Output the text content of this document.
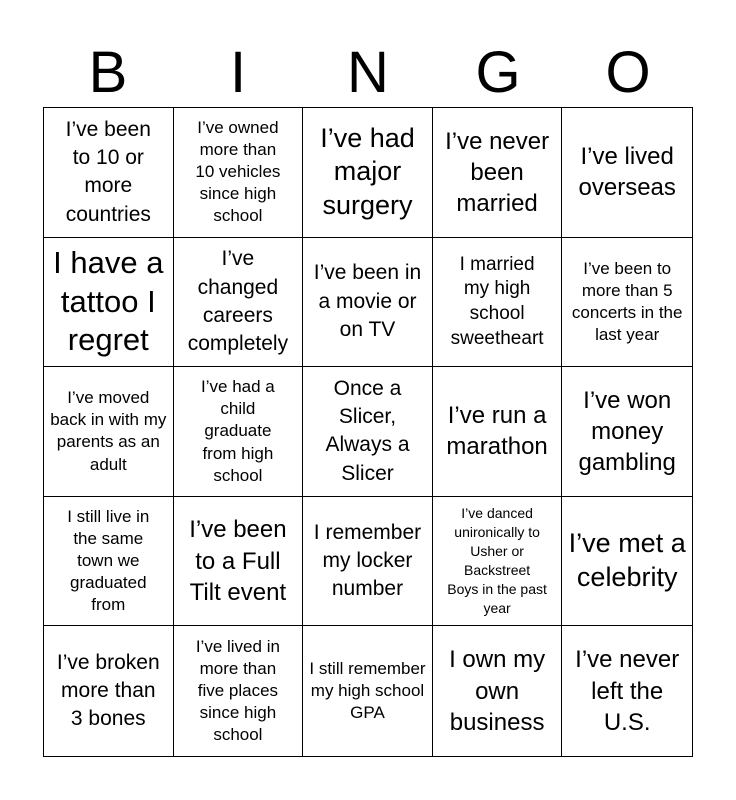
B	I	N	G	O
I’ve been to 10 or more countries
I’ve owned more than 10 vehicles since high school
I’ve had major surgery
I’ve never been married
I’ve lived overseas
I have a tattoo I regret
I’ve changed careers completely
I’ve been in a movie or on TV
I married my high school sweetheart
I’ve been to more than 5 concerts in the last year
I’ve moved back in with my parents as an adult
I’ve had a child graduate from high school
Once a Slicer, Always a Slicer
I’ve run a marathon
I’ve won money gambling
I still live in the same town we graduated from
I’ve been to a Full Tilt event
I remember my locker number
I’ve danced unironically to Usher or Backstreet Boys in the past year
I’ve met a celebrity
I’ve broken more than 3 bones
I’ve lived in more than five places since high school
I still remember my high school GPA
I own my own business
I’ve never left the U.S.
